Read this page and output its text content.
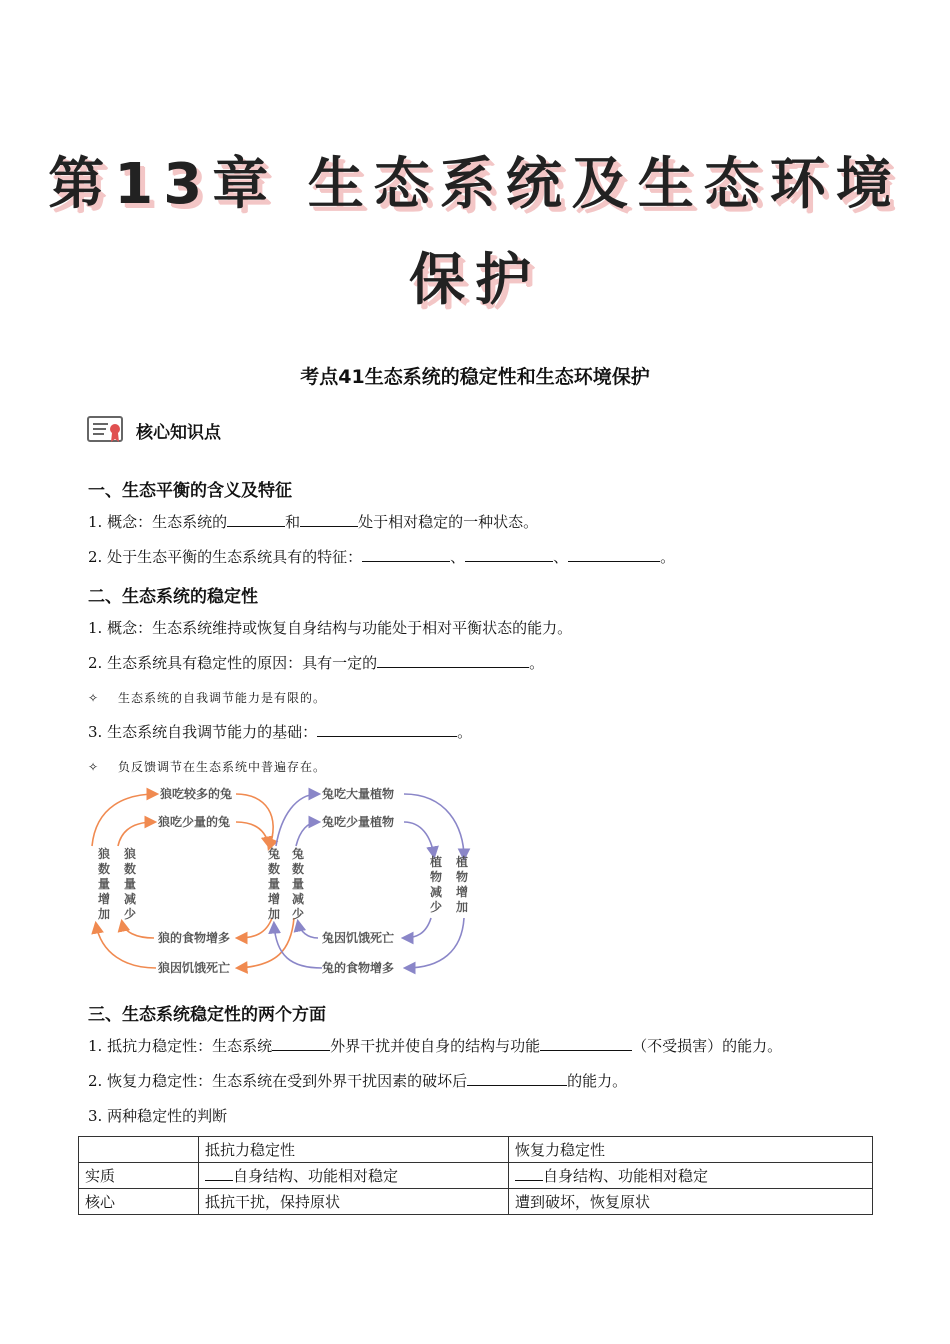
第13章 生态系统及生态环境
保护
考点41生态系统的稳定性和生态环境保护
核心知识点
一、生态平衡的含义及特征
1. 概念：生态系统的	和	处于相对稳定的一种状态。
2. 处于生态平衡的生态系统具有的特征：	、	、	。
二、生态系统的稳定性
1. 概念：生态系统维持或恢复自身结构与功能处于相对平衡状态的能力。
2. 生态系统具有稳定性的原因：具有一定的	。
✧ 生态系统的自我调节能力是有限的。
3. 生态系统自我调节能力的基础：	。
✧ 负反馈调节在生态系统中普遍存在。
狼吃较多的兔
狼吃少量的兔
狼的食物增多
狼因饥饿死亡
兔吃大量植物
兔吃少量植物
兔因饥饿死亡
兔的食物增多
狼数量增加
狼数量减少
兔数量增加
兔数量减少
植物减少
植物增加
三、生态系统稳定性的两个方面
1. 抵抗力稳定性：生态系统	外界干扰并使自身的结构与功能	（不受损害）的能力。
2. 恢复力稳定性：生态系统在受到外界干扰因素的破坏后	的能力。
3. 两种稳定性的判断
	抵抗力稳定性	恢复力稳定性
实质	自身结构、功能相对稳定	自身结构、功能相对稳定
核心	抵抗干扰，保持原状	遭到破坏，恢复原状
